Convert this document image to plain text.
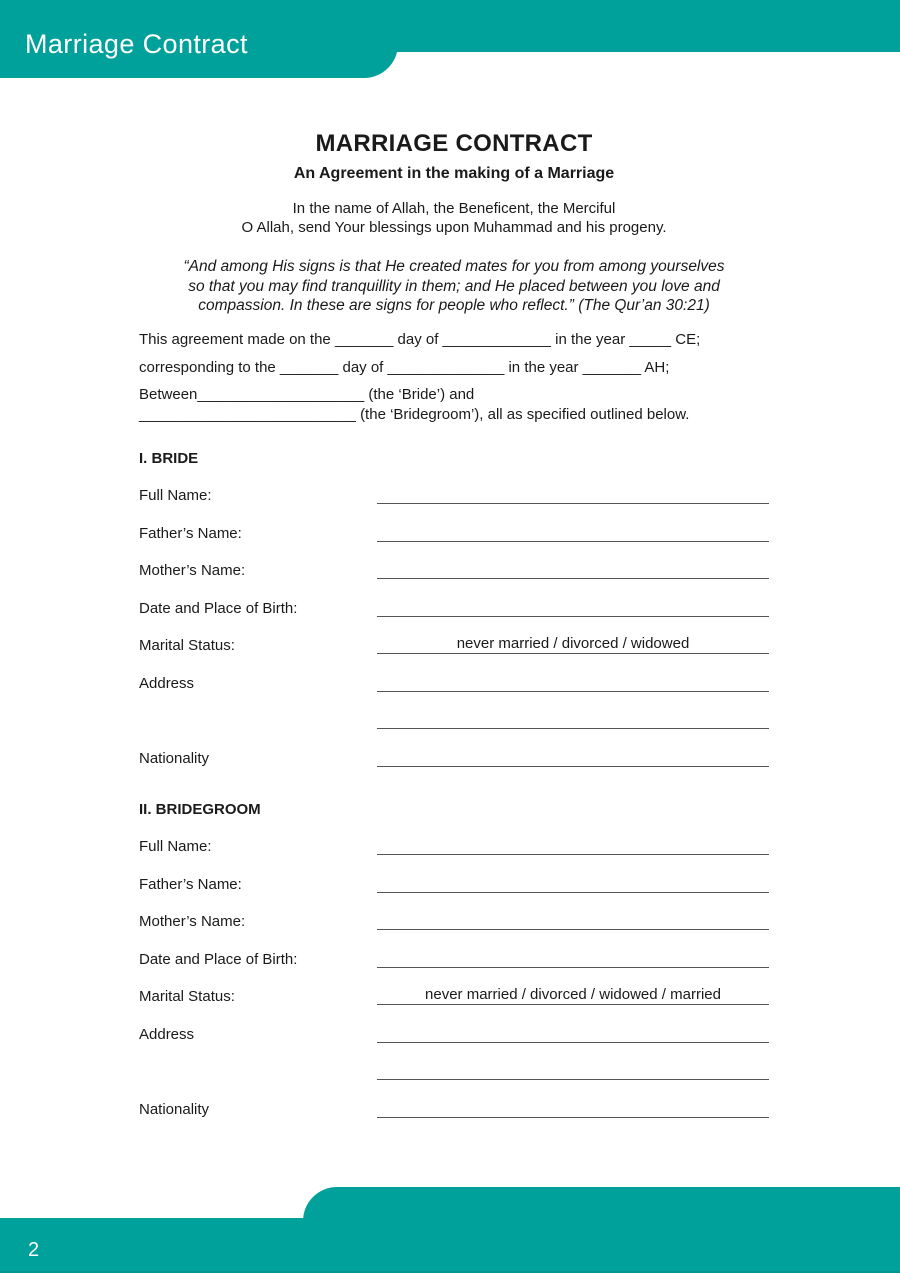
Marriage Contract
MARRIAGE CONTRACT
An Agreement in the making of a Marriage
In the name of Allah, the Beneficent, the Merciful
O Allah, send Your blessings upon Muhammad and his progeny.
“And among His signs is that He created mates for you from among yourselves
so that you may find tranquillity in them; and He placed between you love and
compassion. In these are signs for people who reflect.” (The Qur’an 30:21)
This agreement made on the _______ day of _____________ in the year _____ CE;
corresponding to the _______ day of ______________ in the year _______ AH;
Between____________________ (the ‘Bride’) and
__________________________ (the ‘Bridegroom’), all as specified outlined below.
I. BRIDE
Full Name:
Father’s Name:
Mother’s Name:
Date and Place of Birth:
Marital Status:	never married / divorced / widowed
Address
Nationality
II. BRIDEGROOM
Full Name:
Father’s Name:
Mother’s Name:
Date and Place of Birth:
Marital Status:	never married / divorced / widowed / married
Address
Nationality
2
